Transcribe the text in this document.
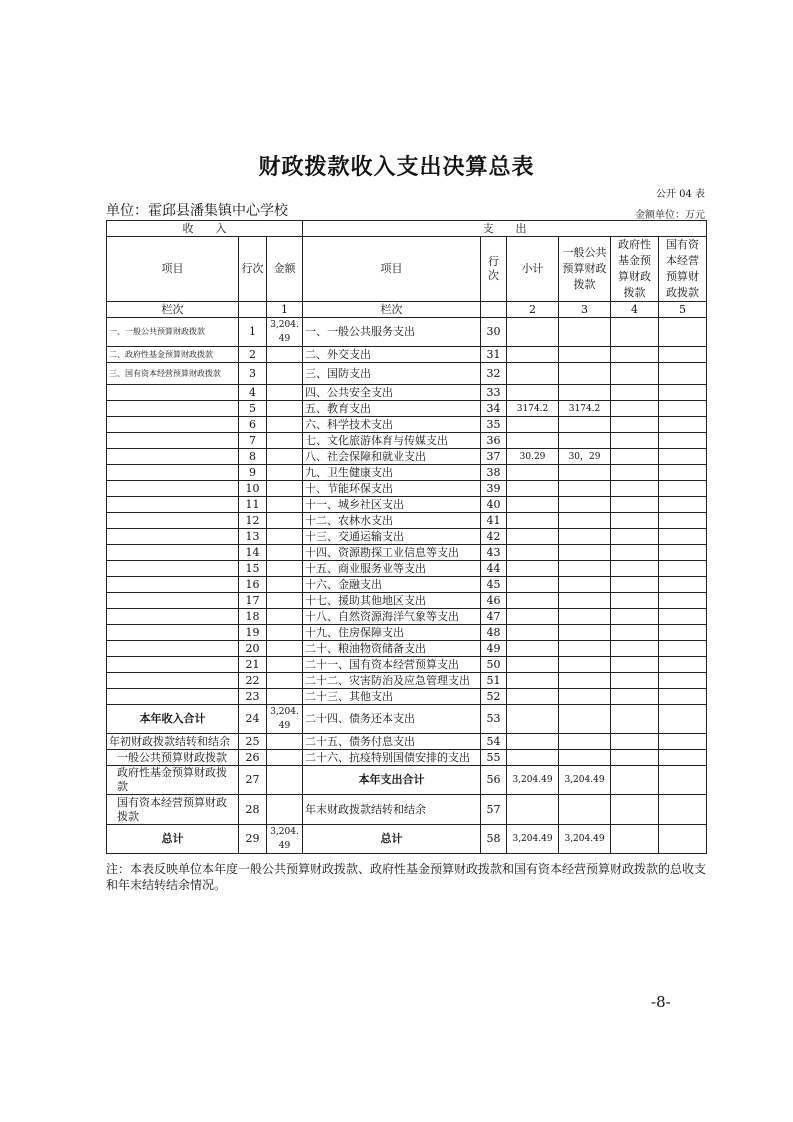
财政拨款收入支出决算总表
公开 04 表
单位：霍邱县潘集镇中心学校	金额单位：万元
收　　入			支　　出					
项目	行次	金额	项目	行次	小计	一般公共预算财政拨款	政府性基金预算财政拨款	国有资本经营预算财政拨款
栏次		1	栏次		2	3	4	5
一、一般公共预算财政拨款	1	3,204.49	一、一般公共服务支出	30				
二、政府性基金预算财政拨款	2		二、外交支出	31				
三、国有资本经营预算财政拨款	3		三、国防支出	32				
	4		四、公共安全支出	33				
	5		五、教育支出	34	3174.2	3174.2		
	6		六、科学技术支出	35				
	7		七、文化旅游体育与传媒支出	36				
	8		八、社会保障和就业支出	37	30.29	30，29		
	9		九、卫生健康支出	38				
	10		十、节能环保支出	39				
	11		十一、城乡社区支出	40				
	12		十二、农林水支出	41				
	13		十三、交通运输支出	42				
	14		十四、资源勘探工业信息等支出	43				
	15		十五、商业服务业等支出	44				
	16		十六、金融支出	45				
	17		十七、援助其他地区支出	46				
	18		十八、自然资源海洋气象等支出	47				
	19		十九、住房保障支出	48				
	20		二十、粮油物资储备支出	49				
	21		二十一、国有资本经营预算支出	50				
	22		二十二、灾害防治及应急管理支出	51				
	23		二十三、其他支出	52				
本年收入合计	24	3,204.49	二十四、债务还本支出	53				
年初财政拨款结转和结余	25		二十五、债务付息支出	54				
一般公共预算财政拨款	26		二十六、抗疫特别国债安排的支出	55				
政府性基金预算财政拨款	27		本年支出合计	56	3,204.49	3,204.49		
国有资本经营预算财政拨款	28		年末财政拨款结转和结余	57				
总计	29	3,204.49	总计	58	3,204.49	3,204.49		
注：本表反映单位本年度一般公共预算财政拨款、政府性基金预算财政拨款和国有资本经营预算财政拨款的总收支和年末结转结余情况。
-8-
